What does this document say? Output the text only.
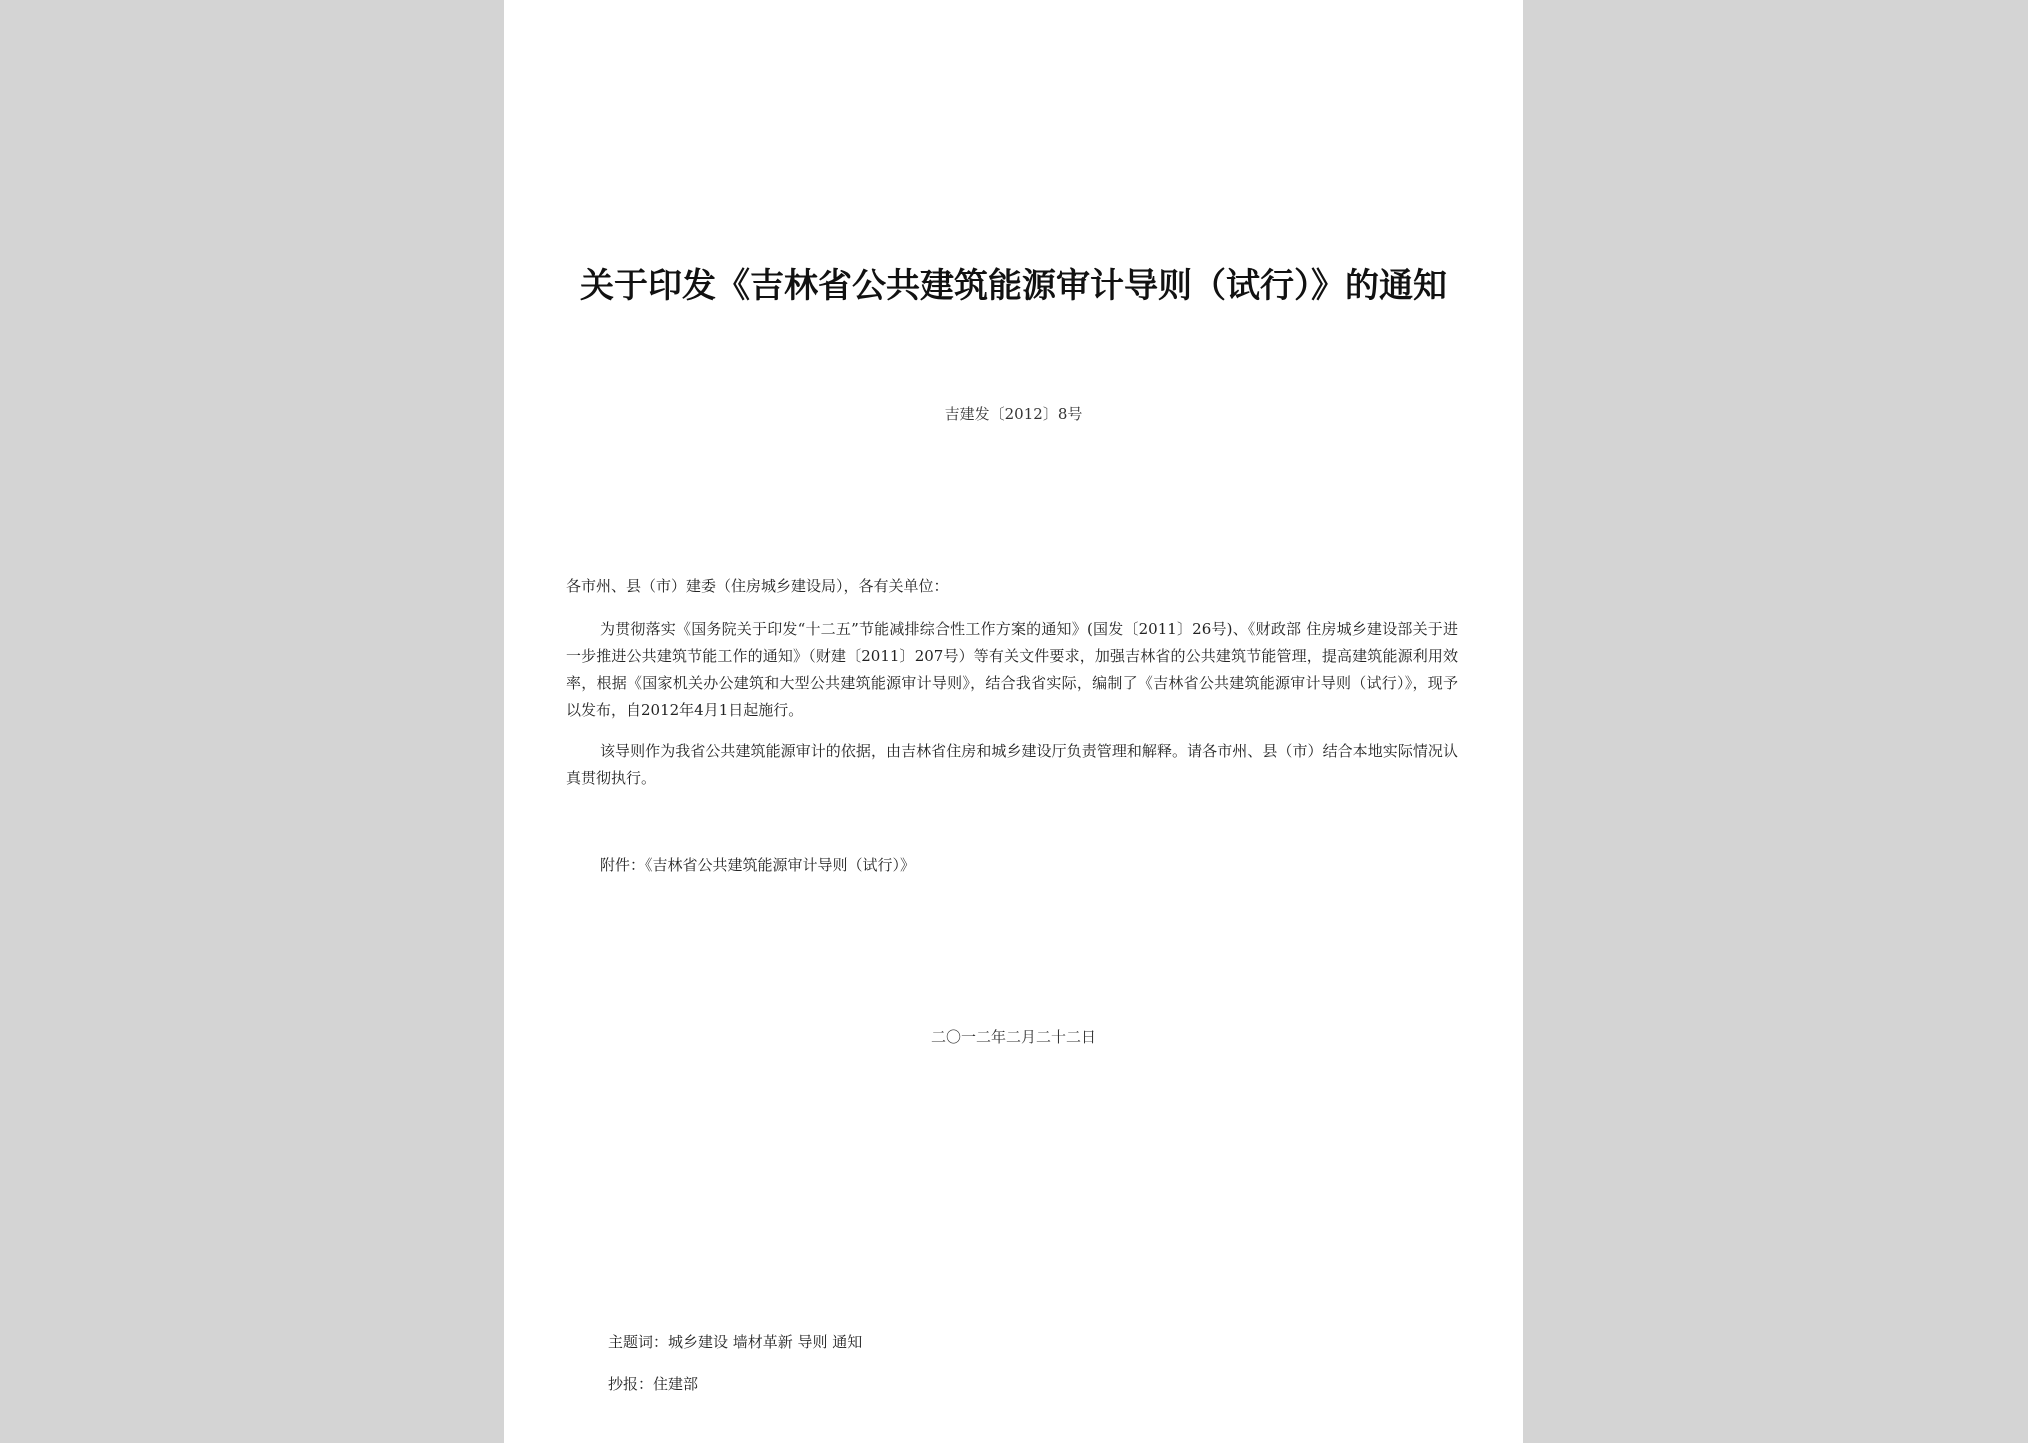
关于印发《吉林省公共建筑能源审计导则（试行）》的通知
吉建发〔2012〕8号
各市州、县（市）建委（住房城乡建设局），各有关单位：
为贯彻落实《国务院关于印发“十二五”节能减排综合性工作方案的通知》(国发〔2011〕26号)、《财政部 住房城乡建设部关于进一步推进公共建筑节能工作的通知》（财建〔2011〕207号）等有关文件要求，加强吉林省的公共建筑节能管理，提高建筑能源利用效率，根据《国家机关办公建筑和大型公共建筑能源审计导则》，结合我省实际，编制了《吉林省公共建筑能源审计导则（试行）》，现予以发布，自2012年4月1日起施行。
该导则作为我省公共建筑能源审计的依据，由吉林省住房和城乡建设厅负责管理和解释。请各市州、县（市）结合本地实际情况认真贯彻执行。
附件：《吉林省公共建筑能源审计导则（试行）》
二〇一二年二月二十二日
主题词：城乡建设 墙材革新 导则 通知
抄报：住建部
